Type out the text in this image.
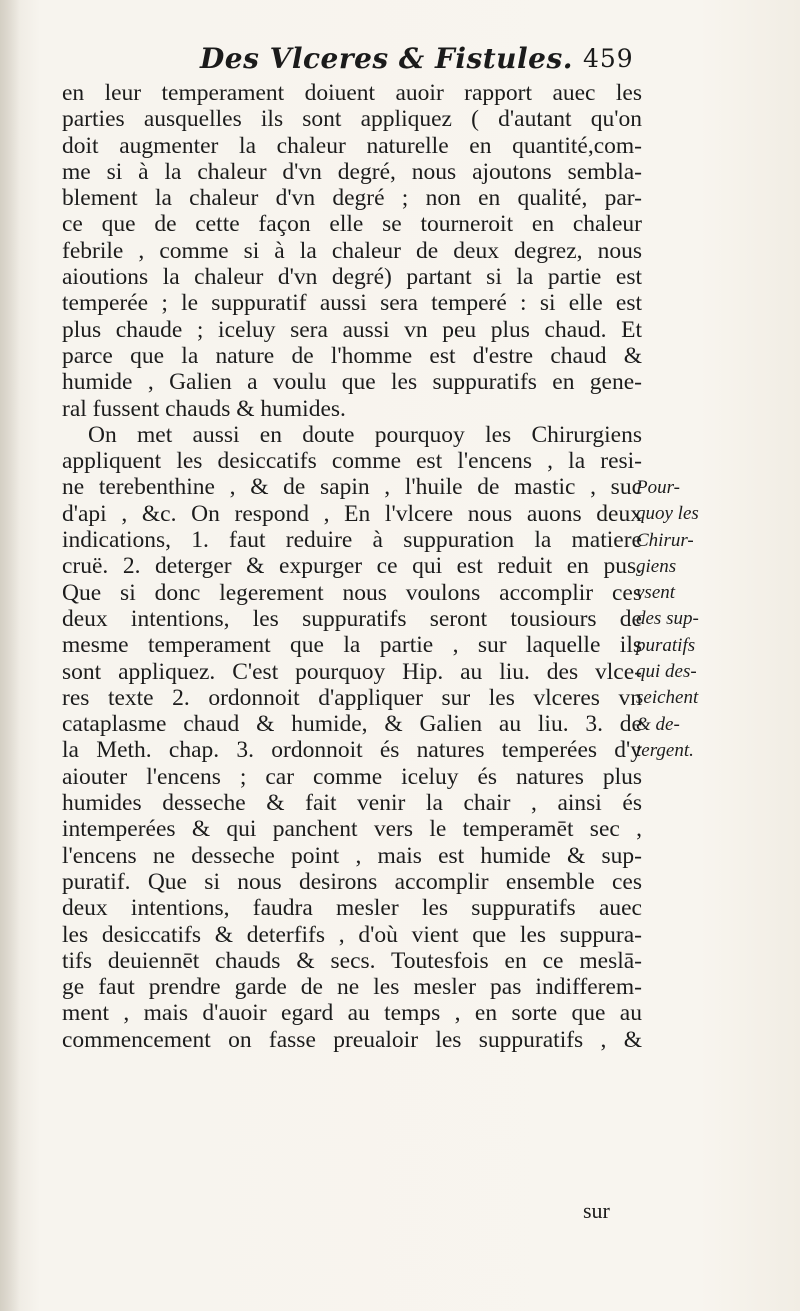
Des Vlceres & Fistules. 459
en leur temperament doiuent auoir rapport auec les
parties ausquelles ils sont appliquez ( d'autant qu'on
doit augmenter la chaleur naturelle en quantité,com-
me si à la chaleur d'vn degré, nous ajoutons sembla-
blement la chaleur d'vn degré ; non en qualité, par-
ce que de cette façon elle se tourneroit en chaleur
febrile , comme si à la chaleur de deux degrez, nous
aioutions la chaleur d'vn degré) partant si la partie est
temperée ; le suppuratif aussi sera temperé : si elle est
plus chaude ; iceluy sera aussi vn peu plus chaud. Et
parce que la nature de l'homme est d'estre chaud &
humide , Galien a voulu que les suppuratifs en gene-
ral fussent chauds & humides.
On met aussi en doute pourquoy les Chirurgiens
appliquent les desiccatifs comme est l'encens , la resi-
ne terebenthine , & de sapin , l'huile de mastic , suc
d'api , &c. On respond , En l'vlcere nous auons deux
indications, 1. faut reduire à suppuration la matiere
cruë. 2. deterger & expurger ce qui est reduit en pus.
Que si donc legerement nous voulons accomplir ces
deux intentions, les suppuratifs seront tousiours de
mesme temperament que la partie , sur laquelle ils
sont appliquez. C'est pourquoy Hip. au liu. des vlce-
res texte 2. ordonnoit d'appliquer sur les vlceres vn
cataplasme chaud & humide, & Galien au liu. 3. de
la Meth. chap. 3. ordonnoit és natures temperées d'y
aiouter l'encens ; car comme iceluy és natures plus
humides desseche & fait venir la chair , ainsi és
intemperées & qui panchent vers le temperamēt sec ,
l'encens ne desseche point , mais est humide & sup-
puratif. Que si nous desirons accomplir ensemble ces
deux intentions, faudra mesler les suppuratifs auec
les desiccatifs & deterfifs , d'où vient que les suppura-
tifs deuiennēt chauds & secs. Toutesfois en ce meslā-
ge faut prendre garde de ne les mesler pas indifferem-
ment , mais d'auoir egard au temps , en sorte que au
commencement on fasse preualoir les suppuratifs , &
Pour-
quoy les
Chirur-
giens
vsent
des sup-
puratifs
qui des-
seichent
& de-
tergent.
sur
